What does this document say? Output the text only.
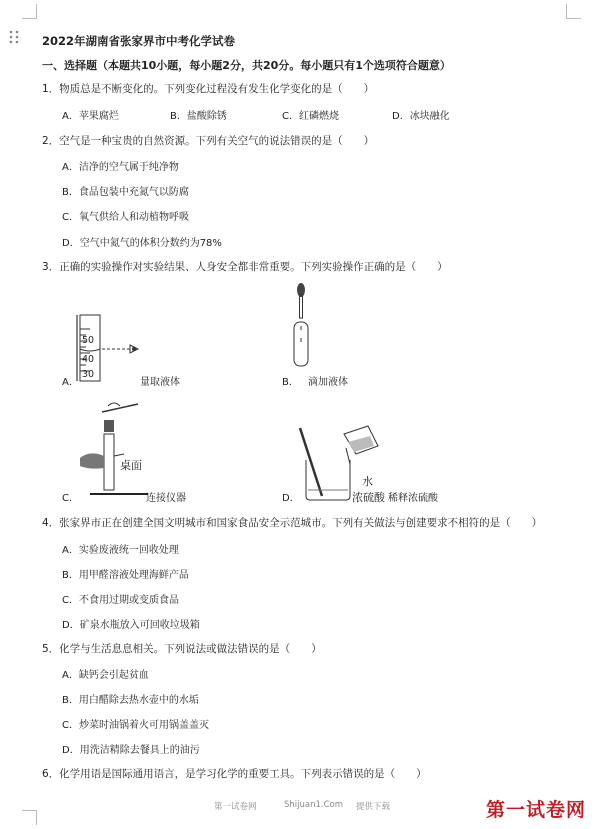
2022年湖南省张家界市中考化学试卷
一、选择题（本题共10小题，每小题2分，共20分。每小题只有1个选项符合题意）
1．物质总是不断变化的。下列变化过程没有发生化学变化的是（　　）
A．苹果腐烂	B．盐酸除锈	C．红磷燃烧	D．冰块融化
2．空气是一种宝贵的自然资源。下列有关空气的说法错误的是（　　）
A．洁净的空气属于纯净物
B．食品包装中充氮气以防腐
C．氧气供给人和动植物呼吸
D．空气中氮气的体积分数约为78%
3．正确的实验操作对实验结果、人身安全都非常重要。下列实验操作正确的是（　　）
50
40
30
A．	量取液体	B． 滴加液体
桌面
C．	连接仪器
水
浓硫酸
D．	稀释浓硫酸
4．张家界市正在创建全国文明城市和国家食品安全示范城市。下列有关做法与创建要求不相符的是（　　）
A．实验废液统一回收处理
B．用甲醛溶液处理海鲜产品
C．不食用过期或变质食品
D．矿泉水瓶放入可回收垃圾箱
5．化学与生活息息相关。下列说法或做法错误的是（　　）
A．缺钙会引起贫血
B．用白醋除去热水壶中的水垢
C．炒菜时油锅着火可用锅盖盖灭
D．用洗洁精除去餐具上的油污
6．化学用语是国际通用语言，是学习化学的重要工具。下列表示错误的是（　　）
第一试卷网	Shijuan1.Com 提供下载	第一试卷网
